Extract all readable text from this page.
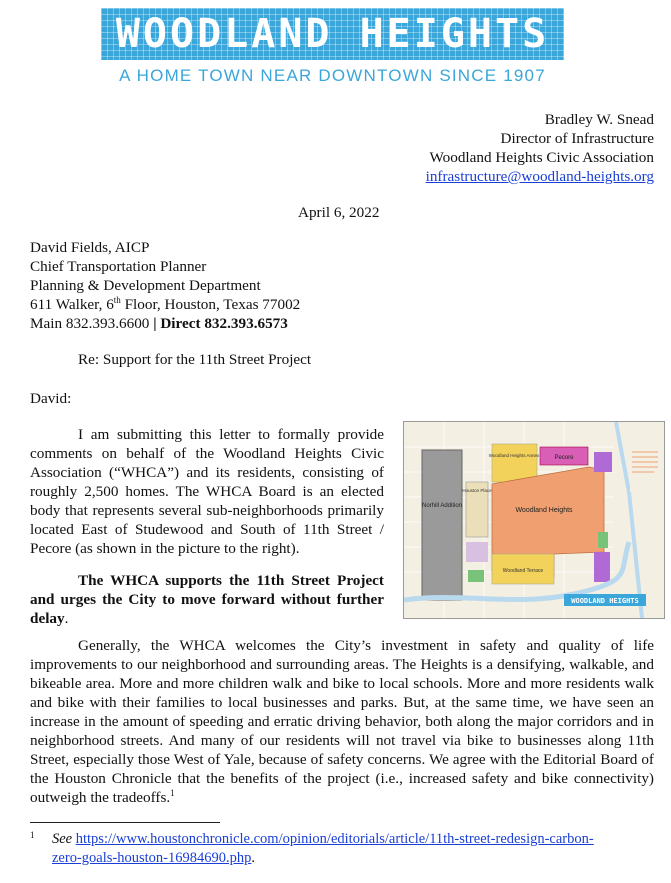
WOODLAND HEIGHTS
A HOME TOWN NEAR DOWNTOWN SINCE 1907
Bradley W. Snead
Director of Infrastructure
Woodland Heights Civic Association
infrastructure@woodland-heights.org
April 6, 2022
David Fields, AICP
Chief Transportation Planner
Planning & Development Department
611 Walker, 6th Floor, Houston, Texas 77002
Main 832.393.6600 | Direct 832.393.6573
Re: Support for the 11th Street Project
David:
I am submitting this letter to formally provide comments on behalf of the Woodland Heights Civic Association (“WHCA”) and its residents, consisting of roughly 2,500 homes. The WHCA Board is an elected body that represents several sub-neighborhoods primarily located East of Studewood and South of 11th Street / Pecore (as shown in the picture to the right).
The WHCA supports the 11th Street Project and urges the City to move forward without further delay.
Norhill Addition
Houston Place
Woodland Heights Annex	Pecore
Woodland Heights
Woodland Terrace
WOODLAND HEIGHTS
Generally, the WHCA welcomes the City’s investment in safety and quality of life improvements to our neighborhood and surrounding areas. The Heights is a densifying, walkable, and bikeable area. More and more children walk and bike to local schools. More and more residents walk and bike with their families to local businesses and parks. But, at the same time, we have seen an increase in the amount of speeding and erratic driving behavior, both along the major corridors and in neighborhood streets. And many of our residents will not travel via bike to businesses along 11th Street, especially those West of Yale, because of safety concerns. We agree with the Editorial Board of the Houston Chronicle that the benefits of the project (i.e., increased safety and bike connectivity) outweigh the tradeoffs.$^1$
1 See https://www.houstonchronicle.com/opinion/editorials/article/11th-street-redesign-carbon-
zero-goals-houston-16984690.php.
